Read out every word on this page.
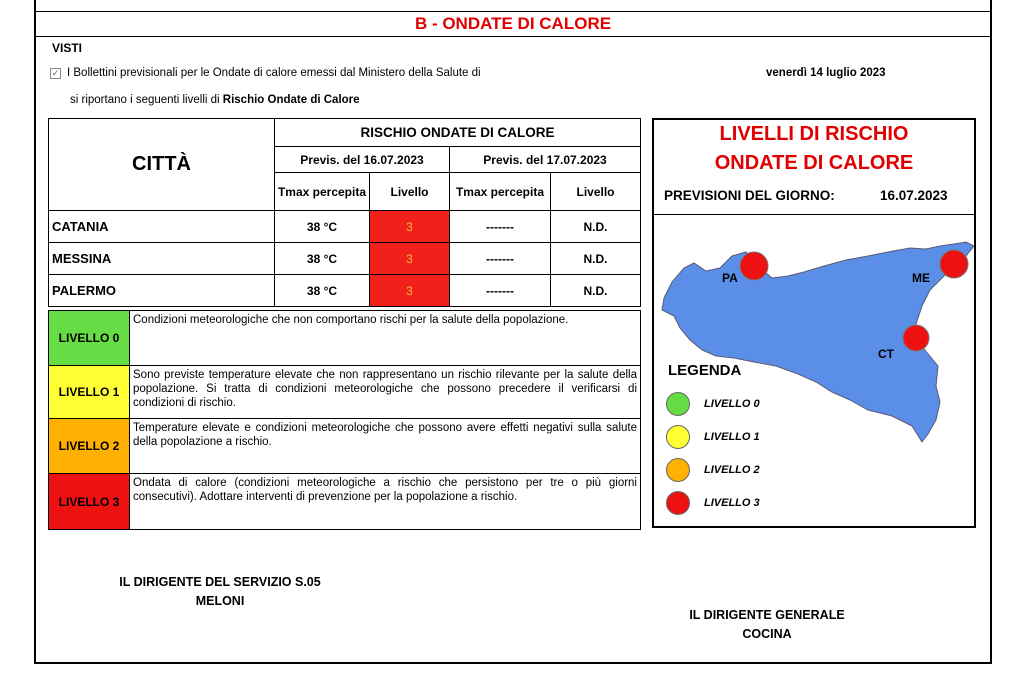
B - ONDATE DI CALORE
VISTI
✓ I Bollettini previsionali per le Ondate di calore emessi dal Ministero della Salute di	venerdì 14 luglio 2023
si riportano i seguenti livelli di Rischio Ondate di Calore
CITTÀ	RISCHIO ONDATE DI CALORE			
	Previs. del 16.07.2023		Previs. del 17.07.2023	
	Tmax percepita	Livello	Tmax percepita	Livello
CATANIA	38 °C	3	-------	N.D.
MESSINA	38 °C	3	-------	N.D.
PALERMO	38 °C	3	-------	N.D.
LIVELLO 0	Condizioni meteorologiche che non comportano rischi per la salute della popolazione.
LIVELLO 1	Sono previste temperature elevate che non rappresentano un rischio rilevante per la salute della popolazione. Si tratta di condizioni meteorologiche che possono precedere il verificarsi di condizioni di rischio.
LIVELLO 2	Temperature elevate e condizioni meteorologiche che possono avere effetti negativi sulla salute della popolazione a rischio.
LIVELLO 3	Ondata di calore (condizioni meteorologiche a rischio che persistono per tre o più giorni consecutivi). Adottare interventi di prevenzione per la popolazione a rischio.
LIVELLI DI RISCHIO
ONDATE DI CALORE
PREVISIONI DEL GIORNO:	16.07.2023
PA	ME
CT
LEGENDA
LIVELLO 0
LIVELLO 1
LIVELLO 2
LIVELLO 3
IL DIRIGENTE DEL SERVIZIO S.05
MELONI
IL DIRIGENTE GENERALE
COCINA
